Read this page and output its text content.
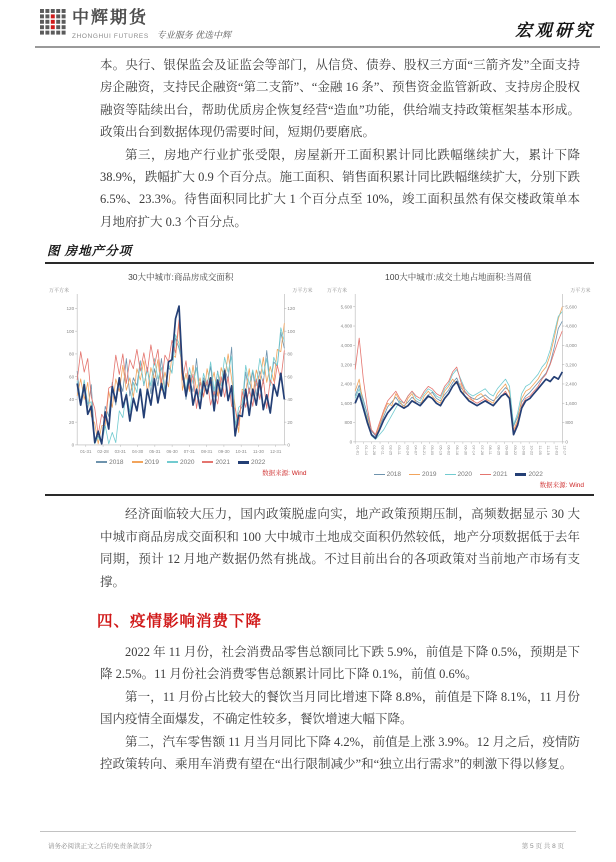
中辉期货
ZHONGHUI FUTURES 专业服务 优选中辉	宏观研究

本。央行、银保监会及证监会等部门，从信贷、债券、股权三方面“三箭齐发”全面支持房企融资，支持民企融资“第二支箭”、“金融 16 条”、预售资金监管新政、支持房企股权融资等陆续出台，帮助优质房企恢复经营“造血”功能，供给端支持政策框架基本形成。政策出台到数据体现仍需要时间，短期仍要磨底。

第三，房地产行业扩张受限，房屋新开工面积累计同比跌幅继续扩大，累计下降 38.9%，跌幅扩大 0.9 个百分点。施工面积、销售面积累计同比跌幅继续扩大，分别下跌 6.5%、23.3%。待售面积同比扩大 1 个百分点至 10%，竣工面积虽然有保交楼政策单本月地府扩大 0.3 个百分点。

图 房地产分项
30大中城市:商品房成交面积
万平方米	万平方米
0	0
20	20
40	40
60	60
80	80
100	100
120	120
01-31 02-28 03-31 04-30 05-31 06-30 07-31 08-31 09-30 10-31 11-30 12-31
2018	2019	2020	2021	2022
数据来源: Wind
100大中城市:成交土地占地面积:当周值
万平方米	万平方米
0	0
800	800
1,600	1,600
2,400	2,400
3,200	3,200
4,000	4,000
4,800	4,800
5,600	5,600
01-01 01-14 01-28 02-11 02-25 03-11 03-24 04-07 04-21 05-05 05-19 06-02 06-16 06-30 07-14 07-28 08-11 08-25 09-08 09-22 10-08 10-22 11-05 11-19 12-03 12-17
2018	2019	2020	2021	2022
数据来源: Wind

经济面临较大压力，国内政策脱虚向实，地产政策预期压制，高频数据显示 30 大中城市商品房成交面积和 100 大中城市土地成交面积仍然较低，地产分项数据低于去年同期，预计 12 月地产数据仍然有挑战。不过目前出台的各项政策对当前地产市场有支撑。

四、疫情影响消费下降

2022 年 11 月份，社会消费品零售总额同比下跌 5.9%，前值是下降 0.5%，预期是下降 2.5%。11 月份社会消费零售总额累计同比下降 0.1%，前值 0.6%。

第一，11 月份占比较大的餐饮当月同比增速下降 8.8%，前值是下降 8.1%，11 月份国内疫情全面爆发，不确定性较多，餐饮增速大幅下降。

第二，汽车零售额 11 月当月同比下降 4.2%，前值是上涨 3.9%。12 月之后，疫情防控政策转向、乘用车消费有望在“出行限制减少”和“独立出行需求”的刺激下得以修复。

请务必阅读正文之后的免责条款部分	第 5 页 共 8 页
